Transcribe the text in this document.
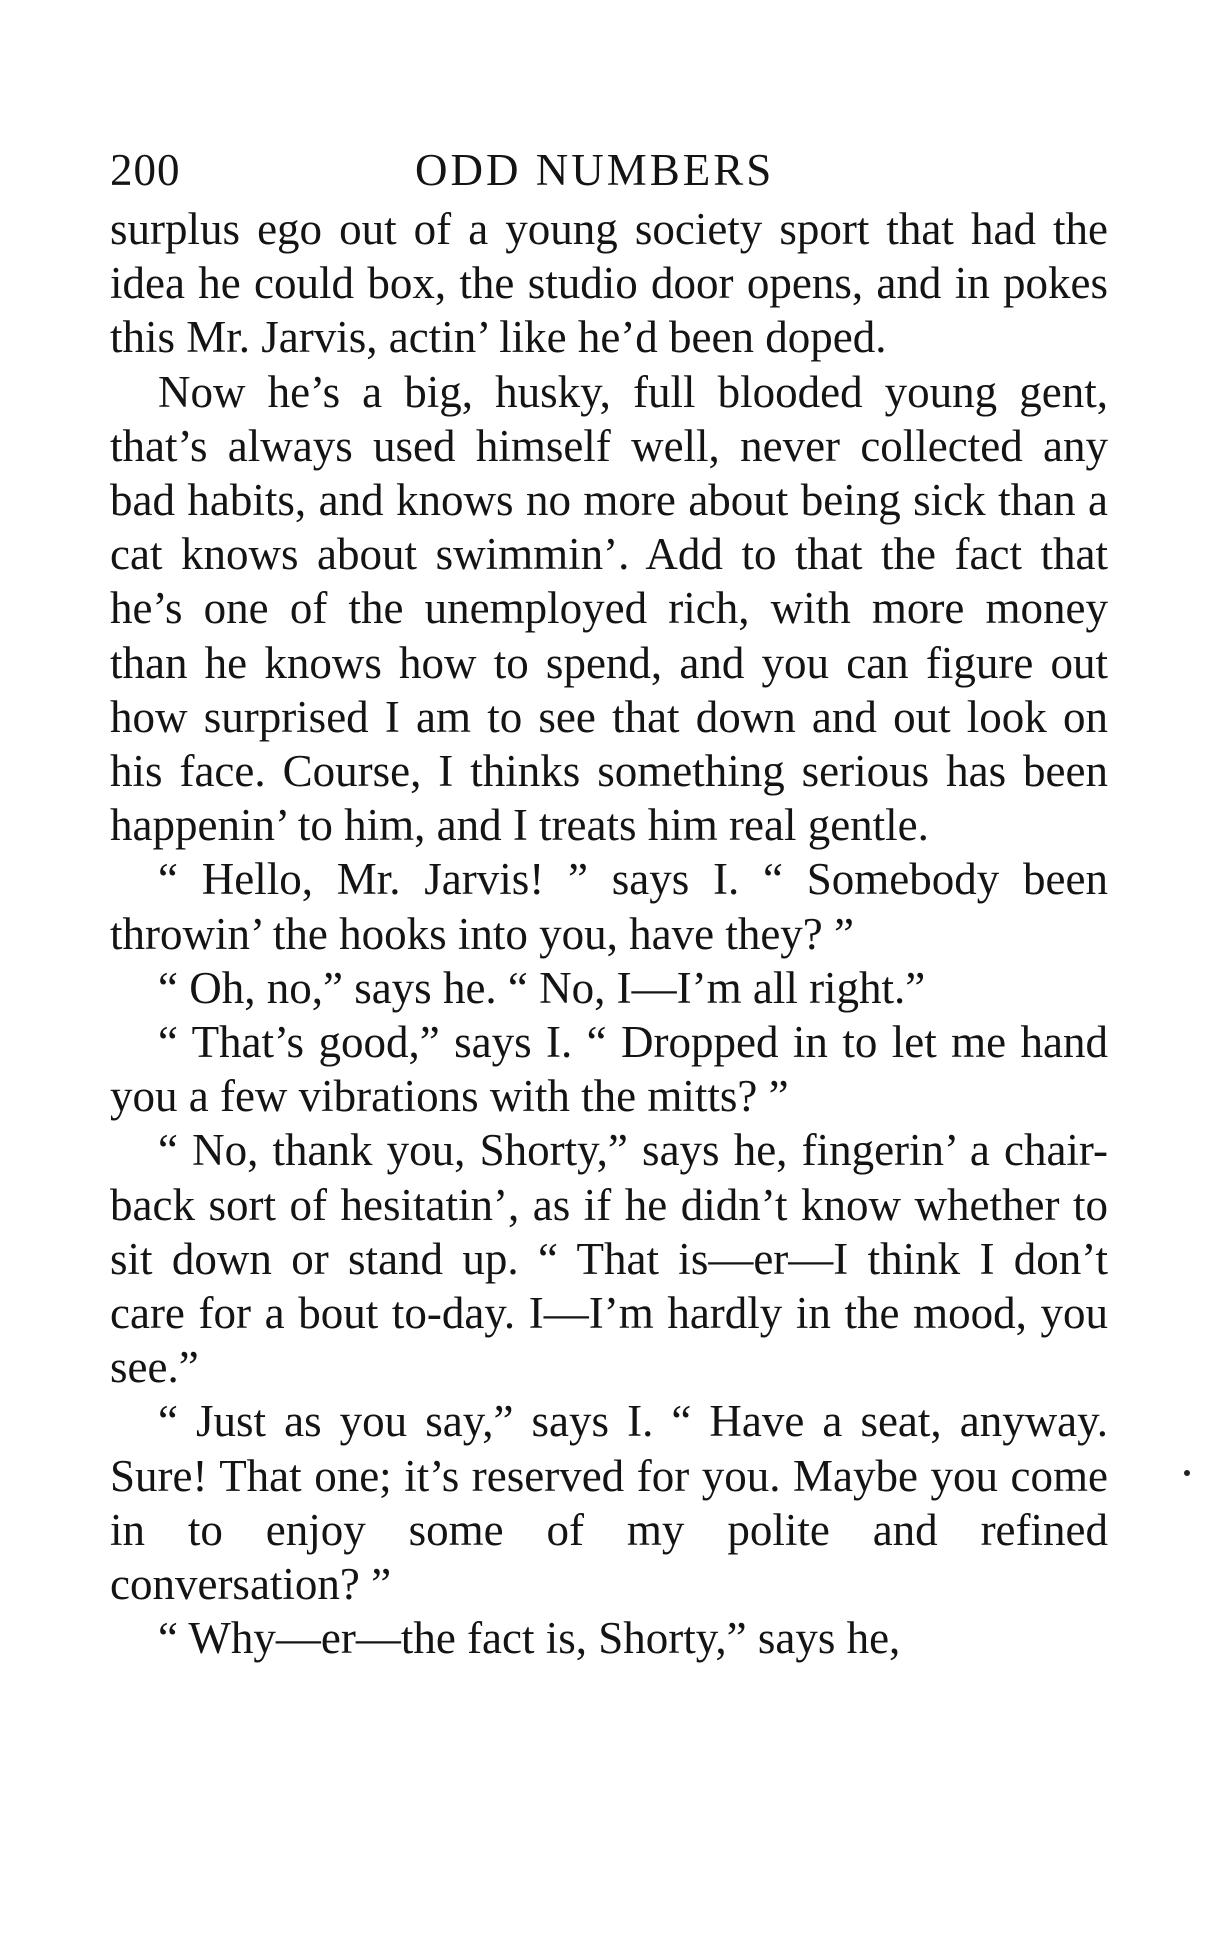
200	ODD NUMBERS

surplus ego out of a young society sport that had the idea he could box, the studio door opens, and in pokes this Mr. Jarvis, actin’ like he’d been doped.

Now he’s a big, husky, full blooded young gent, that’s always used himself well, never collected any bad habits, and knows no more about being sick than a cat knows about swimmin’. Add to that the fact that he’s one of the unemployed rich, with more money than he knows how to spend, and you can figure out how surprised I am to see that down and out look on his face. Course, I thinks something serious has been happenin’ to him, and I treats him real gentle.

“ Hello, Mr. Jarvis! ” says I. “ Somebody been throwin’ the hooks into you, have they? ”

“ Oh, no,” says he. “ No, I—I’m all right.”

“ That’s good,” says I. “ Dropped in to let me hand you a few vibrations with the mitts? ”

“ No, thank you, Shorty,” says he, fingerin’ a chair-back sort of hesitatin’, as if he didn’t know whether to sit down or stand up. “ That is—er—I think I don’t care for a bout to-day. I—I’m hardly in the mood, you see.”

“ Just as you say,” says I. “ Have a seat, anyway. Sure! That one; it’s reserved for you. Maybe you come in to enjoy some of my polite and refined conversation? ”

“ Why—er—the fact is, Shorty,” says he,
